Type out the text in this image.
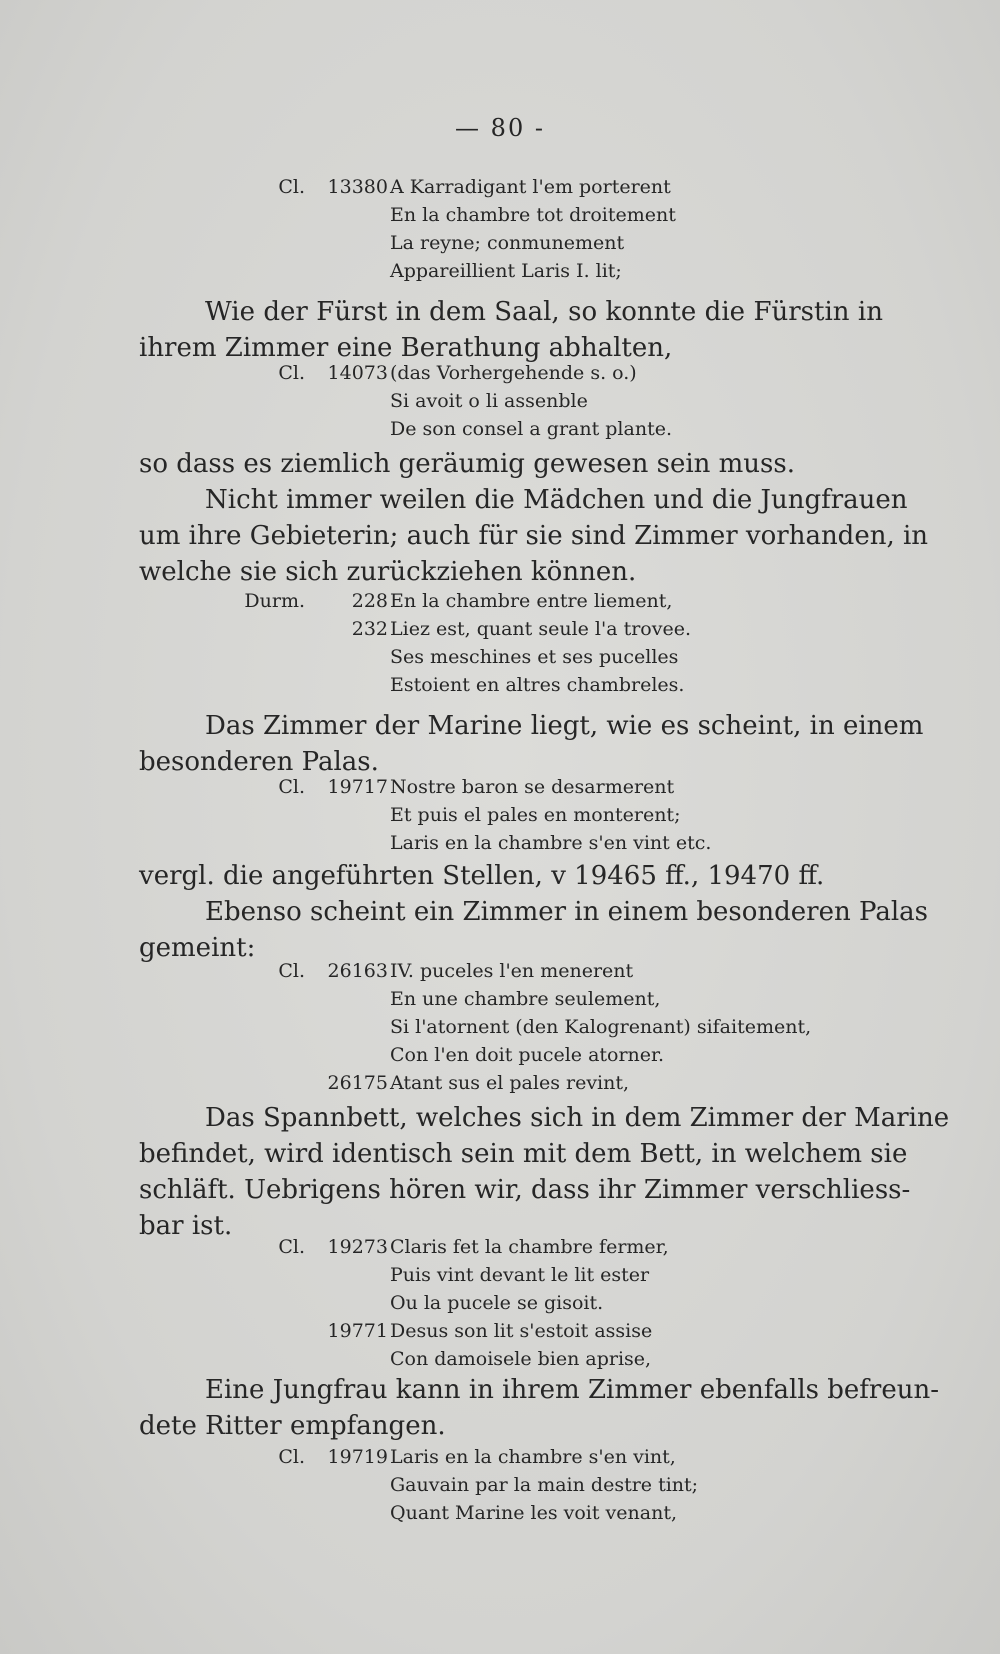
— 80 -
Cl. 13380 A Karradigant l'em porterent
En la chambre tot droitement
La reyne; conmunement
Appareillient Laris I. lit;
Wie der Fürst in dem Saal, so konnte die Fürstin in
ihrem Zimmer eine Berathung abhalten,
Cl. 14073 (das Vorhergehende s. o.)
Si avoit o li assenble
De son consel a grant plante.
so dass es ziemlich geräumig gewesen sein muss.
Nicht immer weilen die Mädchen und die Jungfrauen
um ihre Gebieterin; auch für sie sind Zimmer vorhanden, in
welche sie sich zurückziehen können.
Durm. 228 En la chambre entre liement,
232 Liez est, quant seule l'a trovee.
Ses meschines et ses pucelles
Estoient en altres chambreles.
Das Zimmer der Marine liegt, wie es scheint, in einem
besonderen Palas.
Cl. 19717 Nostre baron se desarmerent
Et puis el pales en monterent;
Laris en la chambre s'en vint etc.
vergl. die angeführten Stellen, v 19465 ff., 19470 ff.
Ebenso scheint ein Zimmer in einem besonderen Palas
gemeint:
Cl. 26163 IV. puceles l'en menerent
En une chambre seulement,
Si l'atornent (den Kalogrenant) sifaitement,
Con l'en doit pucele atorner.
26175 Atant sus el pales revint,
Das Spannbett, welches sich in dem Zimmer der Marine
befindet, wird identisch sein mit dem Bett, in welchem sie
schläft. Uebrigens hören wir, dass ihr Zimmer verschliess-
bar ist.
Cl. 19273 Claris fet la chambre fermer,
Puis vint devant le lit ester
Ou la pucele se gisoit.
19771 Desus son lit s'estoit assise
Con damoisele bien aprise,
Eine Jungfrau kann in ihrem Zimmer ebenfalls befreun-
dete Ritter empfangen.
Cl. 19719 Laris en la chambre s'en vint,
Gauvain par la main destre tint;
Quant Marine les voit venant,
